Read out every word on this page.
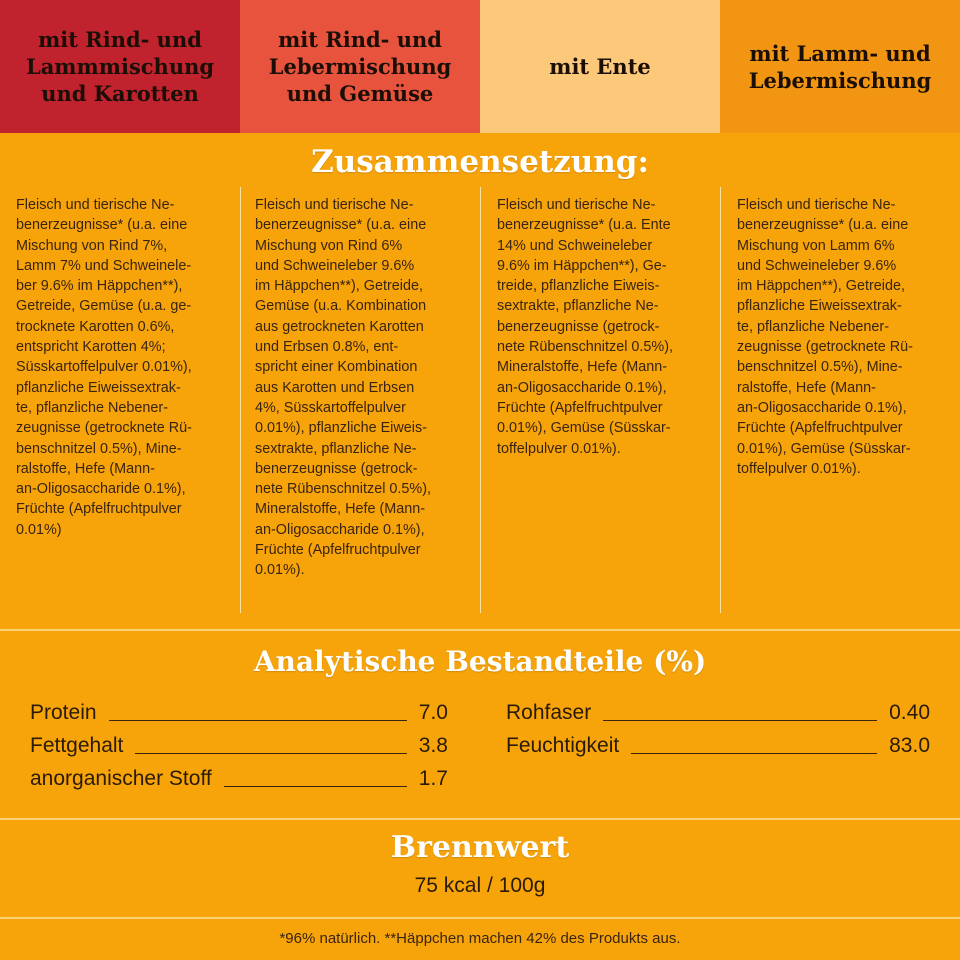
mit Rind- und
Lammmischung
und Karotten
mit Rind- und
Lebermischung
und Gemüse
mit Ente
mit Lamm- und
Lebermischung
Zusammensetzung:
Fleisch und tierische Ne-
benerzeugnisse* (u.a. eine
Mischung von Rind 7%,
Lamm 7% und Schweinele-
ber 9.6% im Häppchen**),
Getreide, Gemüse (u.a. ge-
trocknete Karotten 0.6%,
entspricht Karotten 4%;
Süsskartoffelpulver 0.01%),
pflanzliche Eiweissextrak-
te, pflanzliche Nebener-
zeugnisse (getrocknete Rü-
benschnitzel 0.5%), Mine-
ralstoffe, Hefe (Mann-
an-Oligosaccharide 0.1%),
Früchte (Apfelfruchtpulver
0.01%)
Fleisch und tierische Ne-
benerzeugnisse* (u.a. eine
Mischung von Rind 6%
und Schweineleber 9.6%
im Häppchen**), Getreide,
Gemüse (u.a. Kombination
aus getrockneten Karotten
und Erbsen 0.8%, ent-
spricht einer Kombination
aus Karotten und Erbsen
4%, Süsskartoffelpulver
0.01%), pflanzliche Eiweis-
sextrakte, pflanzliche Ne-
benerzeugnisse (getrock-
nete Rübenschnitzel 0.5%),
Mineralstoffe, Hefe (Mann-
an-Oligosaccharide 0.1%),
Früchte (Apfelfruchtpulver
0.01%).
Fleisch und tierische Ne-
benerzeugnisse* (u.a. Ente
14% und Schweineleber
9.6% im Häppchen**), Ge-
treide, pflanzliche Eiweis-
sextrakte, pflanzliche Ne-
benerzeugnisse (getrock-
nete Rübenschnitzel 0.5%),
Mineralstoffe, Hefe (Mann-
an-Oligosaccharide 0.1%),
Früchte (Apfelfruchtpulver
0.01%), Gemüse (Süsskar-
toffelpulver 0.01%).
Fleisch und tierische Ne-
benerzeugnisse* (u.a. eine
Mischung von Lamm 6%
und Schweineleber 9.6%
im Häppchen**), Getreide,
pflanzliche Eiweissextrak-
te, pflanzliche Nebener-
zeugnisse (getrocknete Rü-
benschnitzel 0.5%), Mine-
ralstoffe, Hefe (Mann-
an-Oligosaccharide 0.1%),
Früchte (Apfelfruchtpulver
0.01%), Gemüse (Süsskar-
toffelpulver 0.01%).
Analytische Bestandteile (%)
Protein	7.0
Fettgehalt	3.8
anorganischer Stoff	1.7
Rohfaser	0.40
Feuchtigkeit	83.0
Brennwert
75 kcal / 100g
*96% natürlich. **Häppchen machen 42% des Produkts aus.
